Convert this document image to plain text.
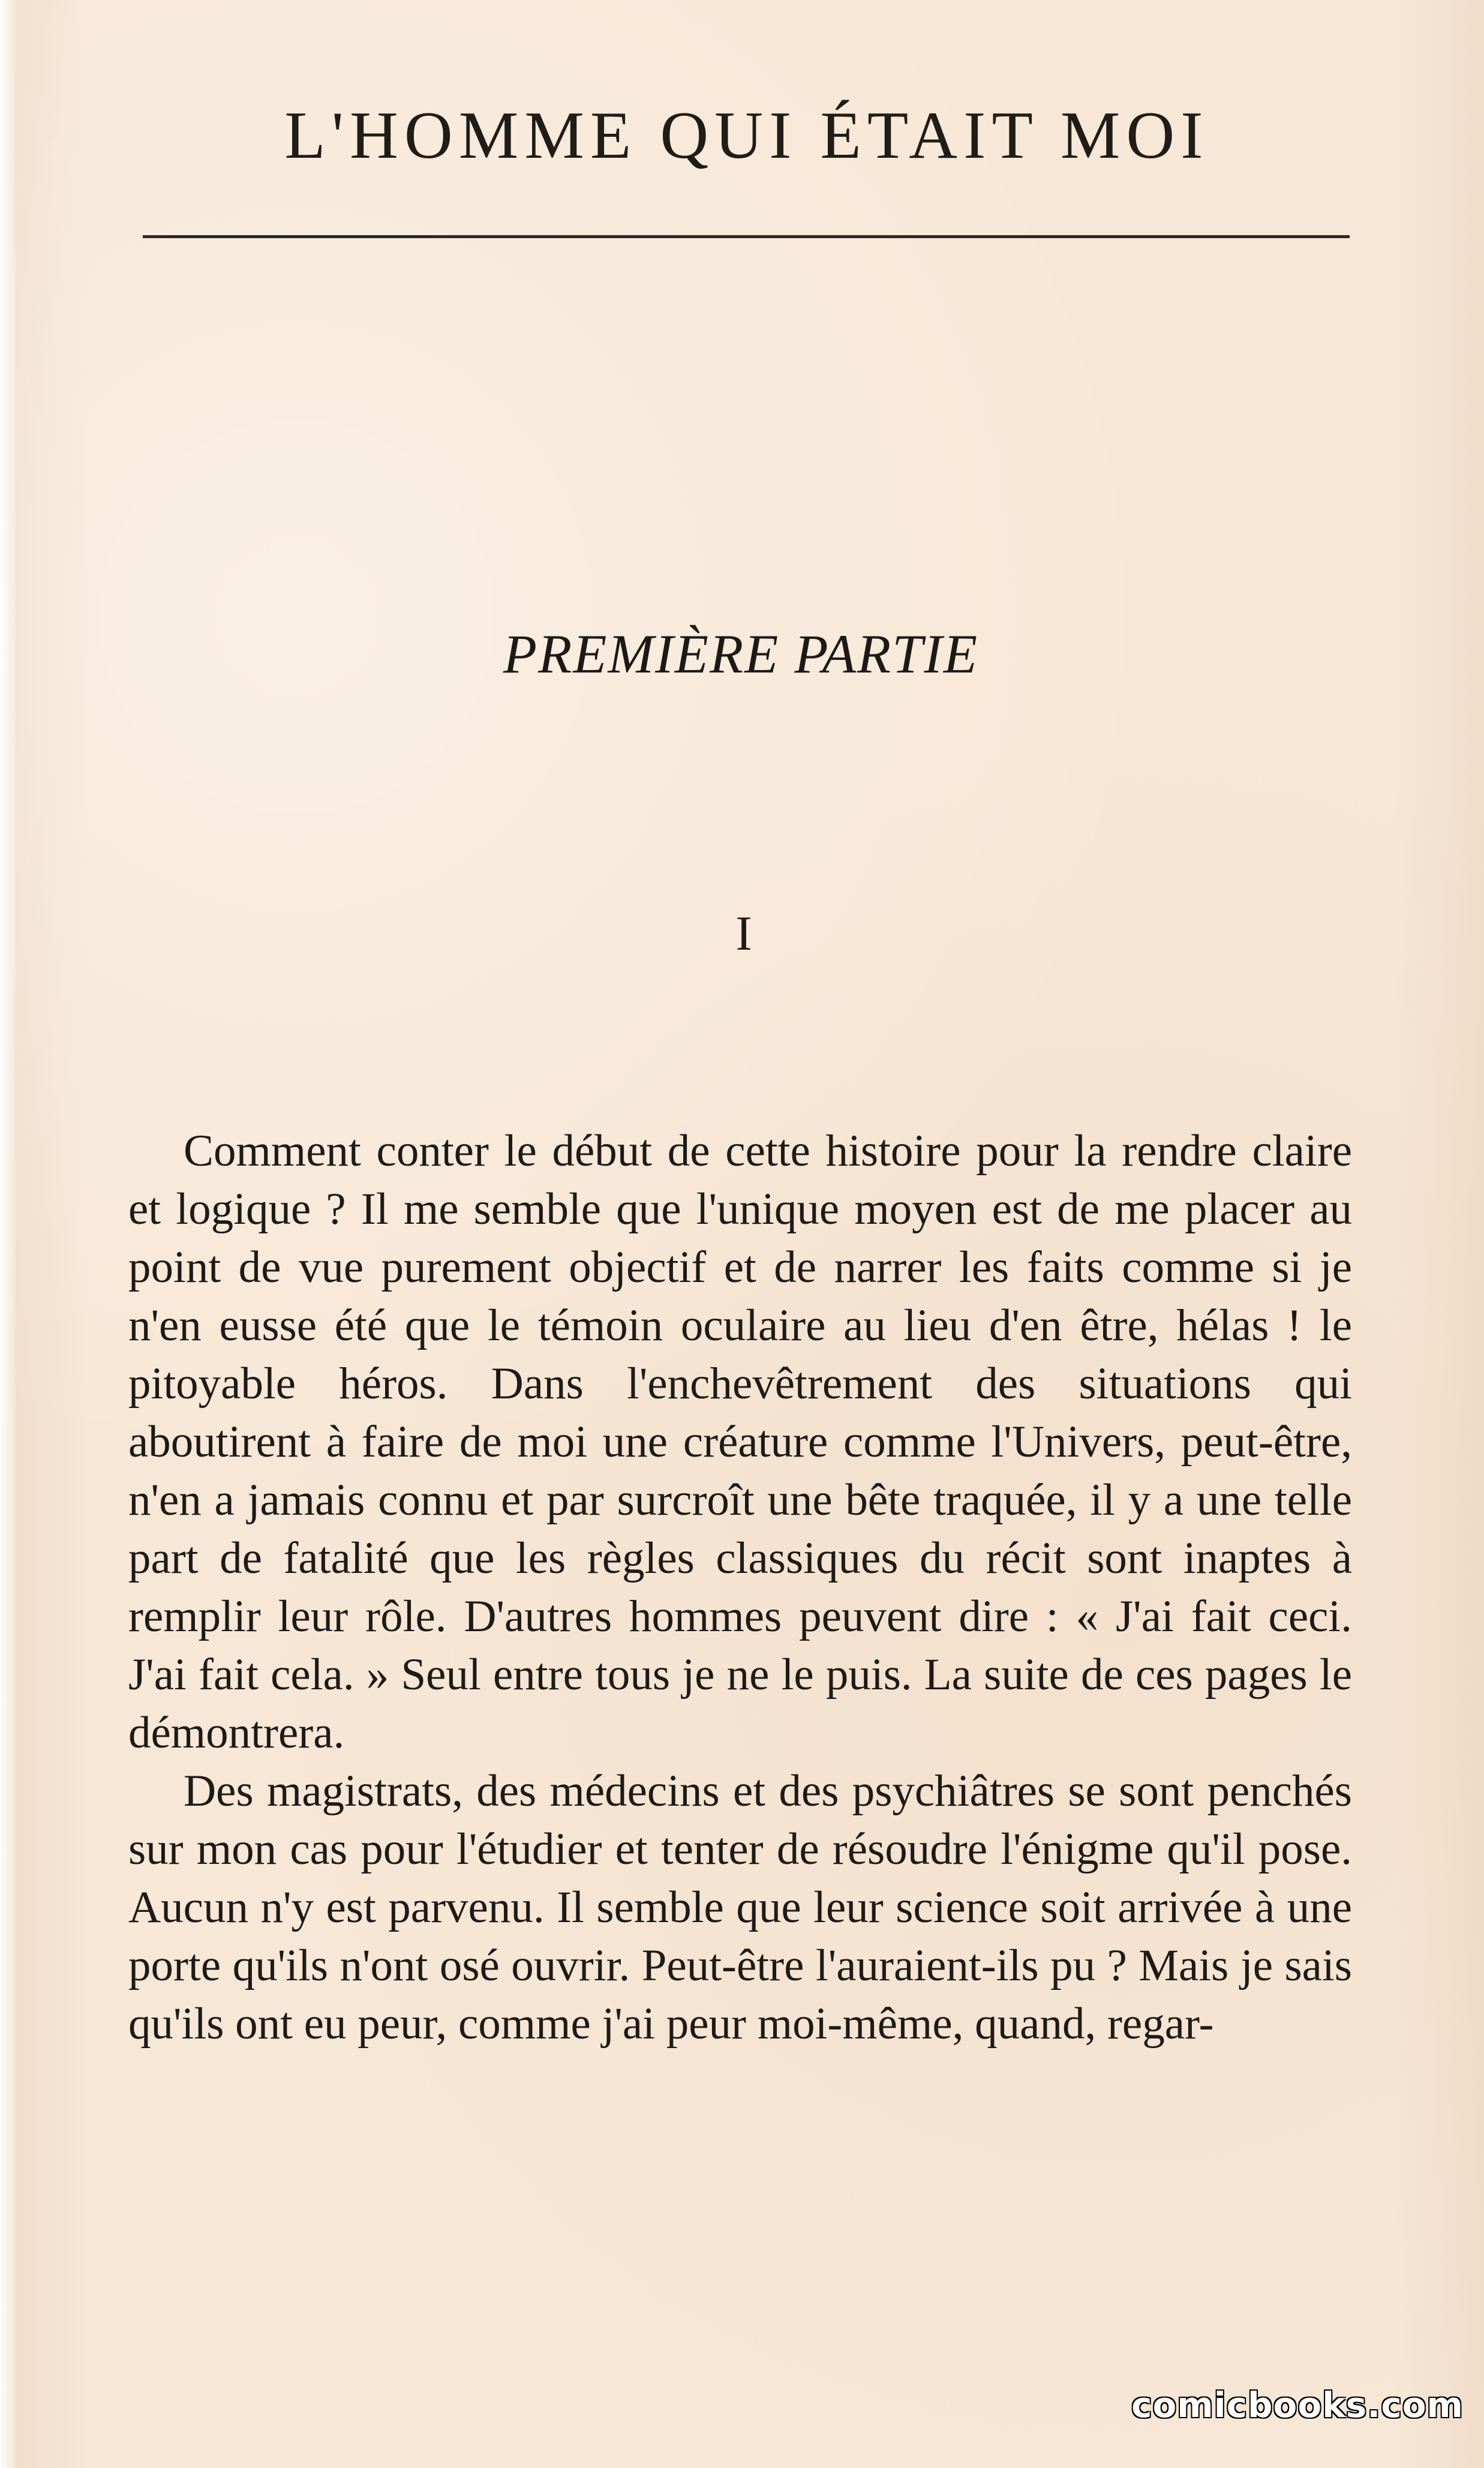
L'HOMME QUI ÉTAIT MOI
PREMIÈRE PARTIE
I

Comment conter le début de cette histoire pour la rendre claire et logique ? Il me semble que l'unique moyen est de me placer au point de vue purement objectif et de narrer les faits comme si je n'en eusse été que le témoin oculaire au lieu d'en être, hélas ! le pitoyable héros. Dans l'enchevêtrement des situations qui aboutirent à faire de moi une créature comme l'Univers, peut-être, n'en a jamais connu et par surcroît une bête traquée, il y a une telle part de fatalité que les règles classiques du récit sont inaptes à remplir leur rôle. D'autres hommes peuvent dire : « J'ai fait ceci. J'ai fait cela. » Seul entre tous je ne le puis. La suite de ces pages le démontrera.

Des magistrats, des médecins et des psychiâtres se sont penchés sur mon cas pour l'étudier et tenter de résoudre l'énigme qu'il pose. Aucun n'y est parvenu. Il semble que leur science soit arrivée à une porte qu'ils n'ont osé ouvrir. Peut-être l'auraient-ils pu ? Mais je sais qu'ils ont eu peur, comme j'ai peur moi-même, quand, regar-

comicbooks.com
